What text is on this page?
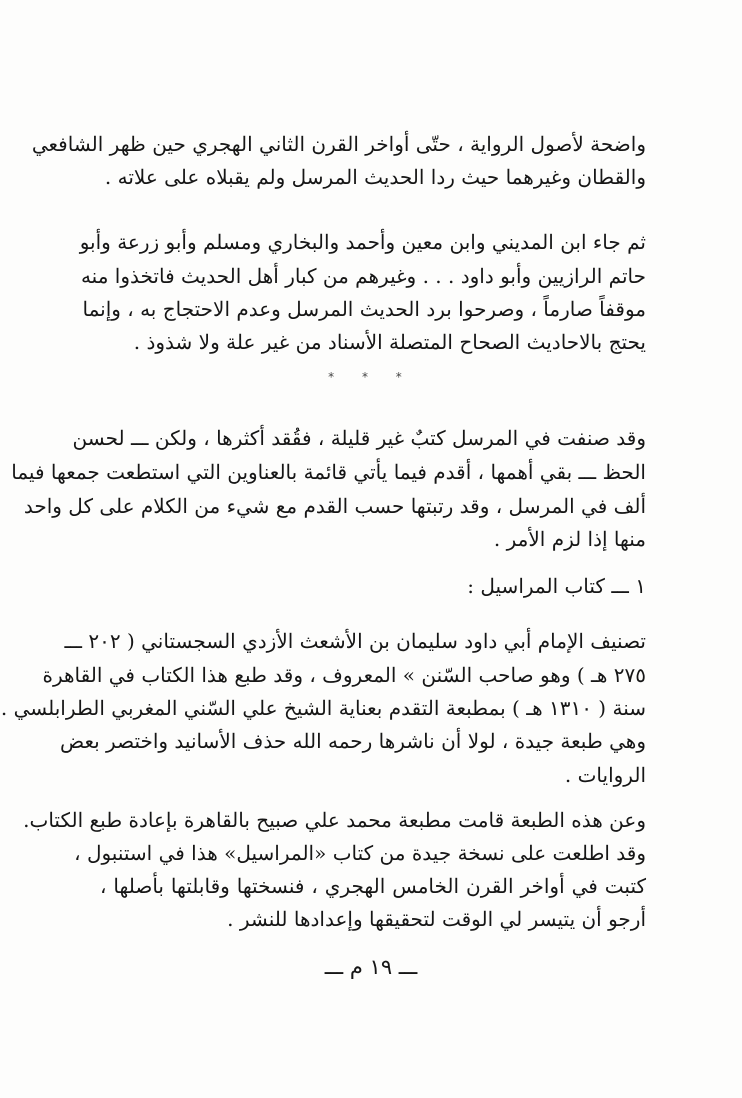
واضحة لأصول الرواية ، حتّى أواخر القرن الثاني الهجري حين ظهر الشافعي
والقطان وغيرهما حيث ردا الحديث المرسل ولم يقبلاه على علاته .
ثم جاء ابن المديني وابن معين وأحمد والبخاري ومسلم وأبو زرعة وأبو
حاتم الرازيين وأبو داود . . . وغيرهم من كبار أهل الحديث فاتخذوا منه
موقفاً صارماً ، وصرحوا برد الحديث المرسل وعدم الاحتجاج به ، وإنما
يحتج بالاحاديث الصحاح المتصلة الأسناد من غير علة ولا شذوذ .
* * *
وقد صنفت في المرسل كتبٌ غير قليلة ، فقُقد أكثرها ، ولكن ـــ لحسن
الحظ ـــ بقي أهمها ، أقدم فيما يأتي قائمة بالعناوين التي استطعت جمعها فيما
ألف في المرسل ، وقد رتبتها حسب القدم مع شيء من الكلام على كل واحد
منها إذا لزم الأمر .
١ ـــ كتاب المراسيل :
تصنيف الإمام أبي داود سليمان بن الأشعث الأزدي السجستاني ( ٢٠٢ ـــ
٢٧٥ هـ ) وهو صاحب السّنن » المعروف ، وقد طبع هذا الكتاب في القاهرة
سنة ( ١٣١٠ هـ ) بمطبعة التقدم بعناية الشيخ علي السّني المغربي الطرابلسي .
وهي طبعة جيدة ، لولا أن ناشرها رحمه الله حذف الأسانيد واختصر بعض
الروايات .
وعن هذه الطبعة قامت مطبعة محمد علي صبيح بالقاهرة بإعادة طبع الكتاب.
وقد اطلعت على نسخة جيدة من كتاب «المراسيل» هذا في استنبول ،
كتبت في أواخر القرن الخامس الهجري ، فنسختها وقابلتها بأصلها ،
أرجو أن يتيسر لي الوقت لتحقيقها وإعدادها للنشر .
ـــ ١٩ م ـــ
